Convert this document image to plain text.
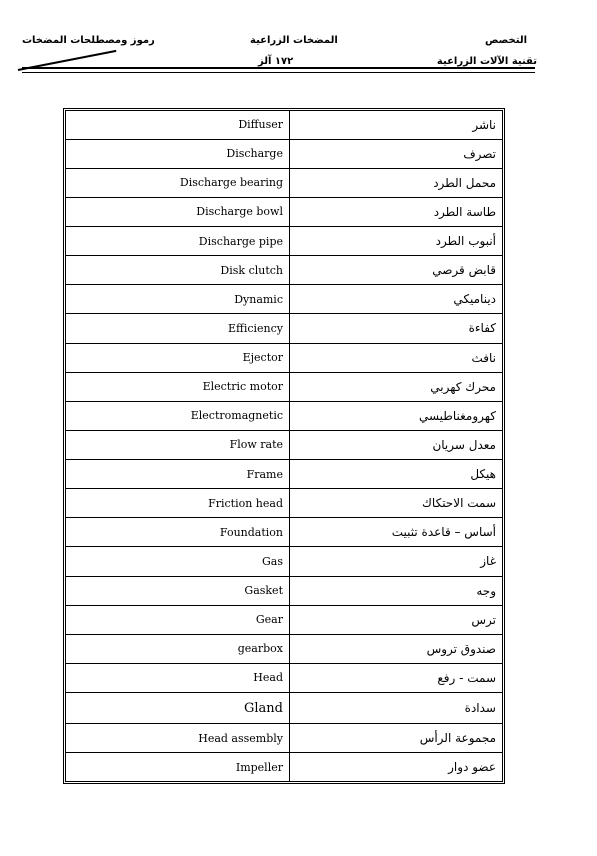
التخصص
تقنية الآلات الزراعية
المضخات الزراعية
١٧٢ آلز
رموز ومصطلحات المضخات
Diffuser	ناشر
Discharge	تصرف
Discharge bearing	محمل الطرد
Discharge bowl	طاسة الطرد
Discharge pipe	أنبوب الطرد
Disk clutch	قابض قرصي
Dynamic	ديناميكي
Efficiency	كفاءة
Ejector	نافث
Electric motor	محرك كهربي
Electromagnetic	كهرومغناطيسي
Flow rate	معدل سريان
Frame	هيكل
Friction head	سمت الاحتكاك
Foundation	أساس – قاعدة تثبيت
Gas	غاز
Gasket	وجه
Gear	ترس
gearbox	صندوق تروس
Head	سمت - رفع
Gland	سدادة
Head assembly	مجموعة الرأس
Impeller	عضو دوار
